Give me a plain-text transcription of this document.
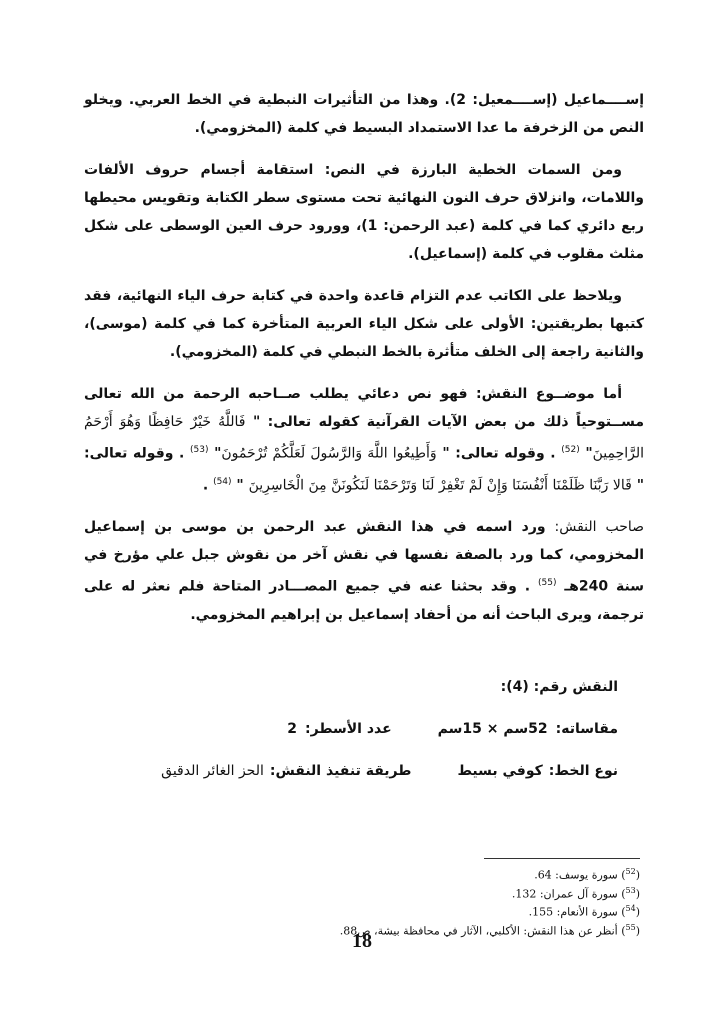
إســــماعيل (إســــمعيل: 2). وهذا من التأثيرات النبطية في الخط العربي. ويخلو النص من الزخرفة ما عدا الاستمداد البسيط في كلمة (المخزومي).

ومن السمات الخطية البارزة في النص: استقامة أجسام حروف الألفات واللامات، وانزلاق حرف النون النهائية تحت مستوى سطر الكتابة وتقويس محيطها ربع دائري كما في كلمة (عبد الرحمن: 1)، وورود حرف العين الوسطى على شكل مثلث مقلوب في كلمة (إسماعيل).

ويلاحظ على الكاتب عدم التزام قاعدة واحدة في كتابة حرف الياء النهائية، فقد كتبها بطريقتين: الأولى على شكل الياء العربية المتأخرة كما في كلمة (موسى)، والثانية راجعة إلى الخلف متأثرة بالخط النبطي في كلمة (المخزومي).

أما موضــوع النقش: فهو نص دعائي يطلب صــاحبه الرحمة من الله تعالى مســتوحياً ذلك من بعض الآيات القرآنية كقوله تعالى: " فَاللَّهُ خَيْرٌ حَافِظًا وَهُوَ أَرْحَمُ الرَّاحِمِينَ" $^{(52)}$ . وقوله تعالى: " وَأَطِيعُوا اللَّهَ وَالرَّسُولَ لَعَلَّكُمْ تُرْحَمُونَ" $^{(53)}$ . وقوله تعالى: " قَالا رَبَّنَا ظَلَمْنَا أَنْفُسَنَا وَإِنْ لَمْ تَغْفِرْ لَنَا وَتَرْحَمْنَا لَنَكُونَنَّ مِنَ الْخَاسِرِينَ " $^{(54)}$ .

صاحب النقش: ورد اسمه في هذا النقش عبد الرحمن بن موسى بن إسماعيل المخزومي، كما ورد بالصفة نفسها في نقش آخر من نقوش جبل علي مؤرخ في سنة 240هـ $^{(55)}$ . وقد بحثنا عنه في جميع المصـــادر المتاحة فلم نعثر له على ترجمة، ويرى الباحث أنه من أحفاد إسماعيل بن إبراهيم المخزومي.

النقش رقم: (4):
مقاساته:
52سم × 15سم
عدد الأسطر:
2
نوع الخط:
كوفي بسيط
طريقة تنفيذ النقش:
الحز الغائر الدقيق
($^{52}$) سورة يوسف: 64.
($^{53}$) سورة آل عمران: 132.
($^{54}$) سورة الأنعام: 155.
($^{55}$) أنظر عن هذا النقش: الأكلبي، الآثار في محافظة بيشة، ص88.
18
